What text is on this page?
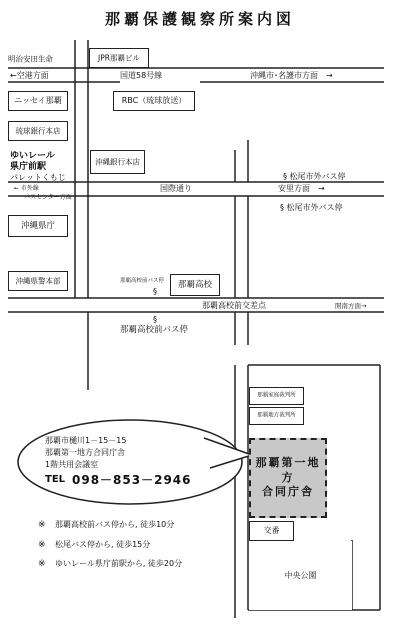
那覇保護観察所案内図
明治安田生命	JPR那覇ビル
←空港方面	国道58号線	沖縄市･名護市方面　→
ニッセイ那覇	RBC（琉球放送）
琉球銀行本店
ゆいレール
県庁前駅
パレットくもじ
沖縄銀行本店
§ 松尾市外バス停
← 市外線
バスセンター方面
国際通り	安里方面　→
§ 松尾市外バス停
沖縄県庁
沖縄県警本部	那覇高校前バス停
§
那覇高校
那覇高校前交差点	開南方面→
§
那覇高校前バス停
那覇家庭裁判所
那覇地方裁判所
那覇第一地方
合同庁舎
交番
中央公園
那覇市樋川1－15－15
那覇第一地方合同庁舎
1階共用会議室
TEL 098－853－2946
※ 那覇高校前バス停から, 徒歩10分
※ 松尾バス停から, 徒歩15分
※ ゆいレール県庁前駅から, 徒歩20分
